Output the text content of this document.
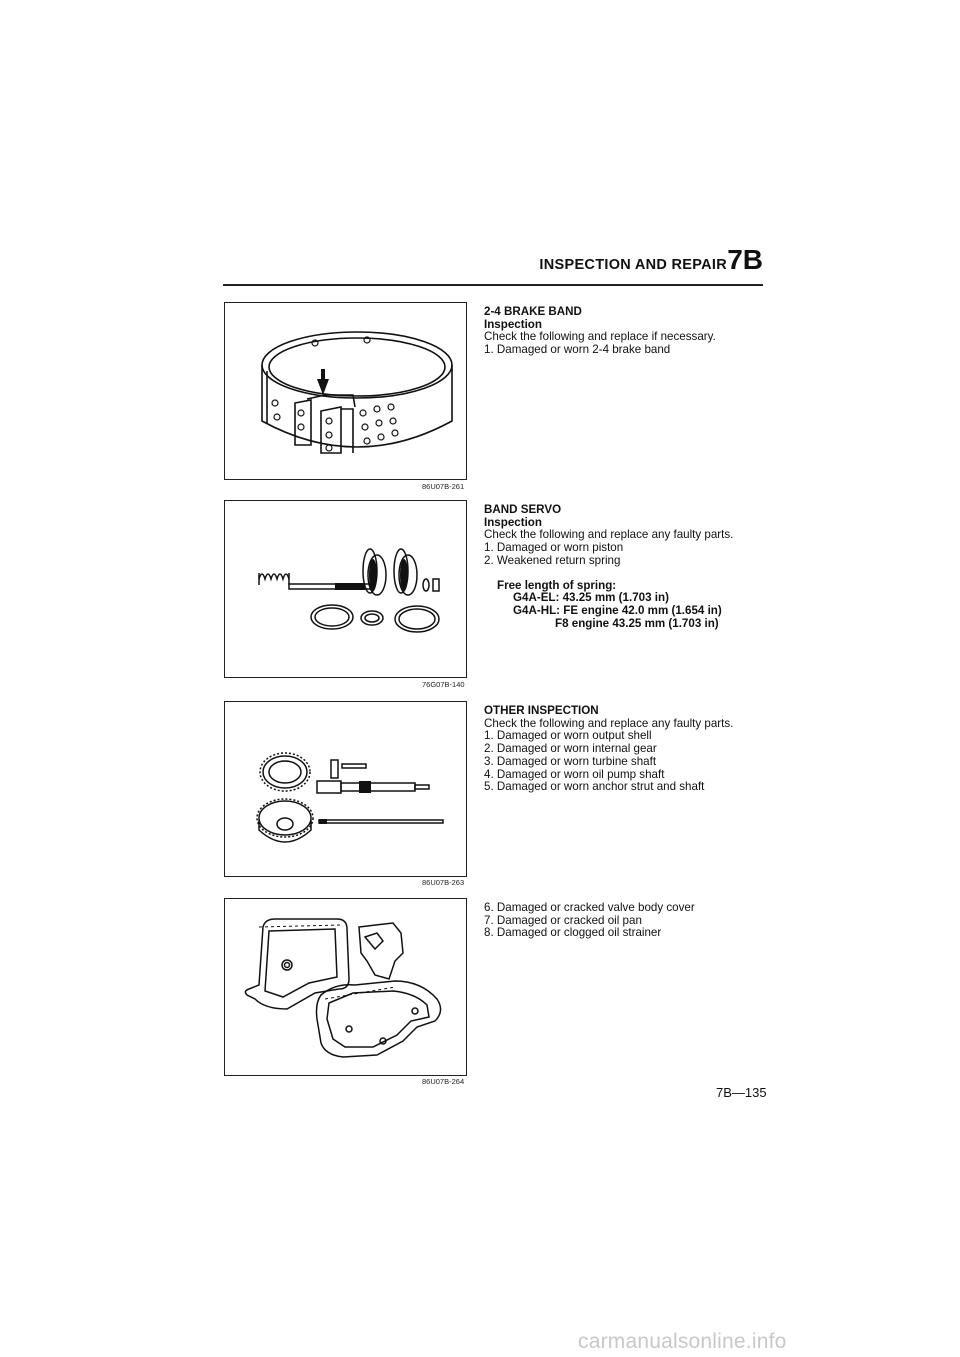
INSPECTION AND REPAIR 7B
86U07B-261
2-4 BRAKE BAND
Inspection
Check the following and replace if necessary.
1. Damaged or worn 2-4 brake band
76G07B-140
BAND SERVO
Inspection
Check the following and replace any faulty parts.
1. Damaged or worn piston
2. Weakened return spring
Free length of spring:
G4A-EL: 43.25 mm (1.703 in)
G4A-HL: FE engine 42.0 mm (1.654 in)
F8 engine 43.25 mm (1.703 in)
86U07B-263
OTHER INSPECTION
Check the following and replace any faulty parts.
1. Damaged or worn output shell
2. Damaged or worn internal gear
3. Damaged or worn turbine shaft
4. Damaged or worn oil pump shaft
5. Damaged or worn anchor strut and shaft
86U07B-264
6. Damaged or cracked valve body cover
7. Damaged or cracked oil pan
8. Damaged or clogged oil strainer
7B—135
carmanualsonline.info
